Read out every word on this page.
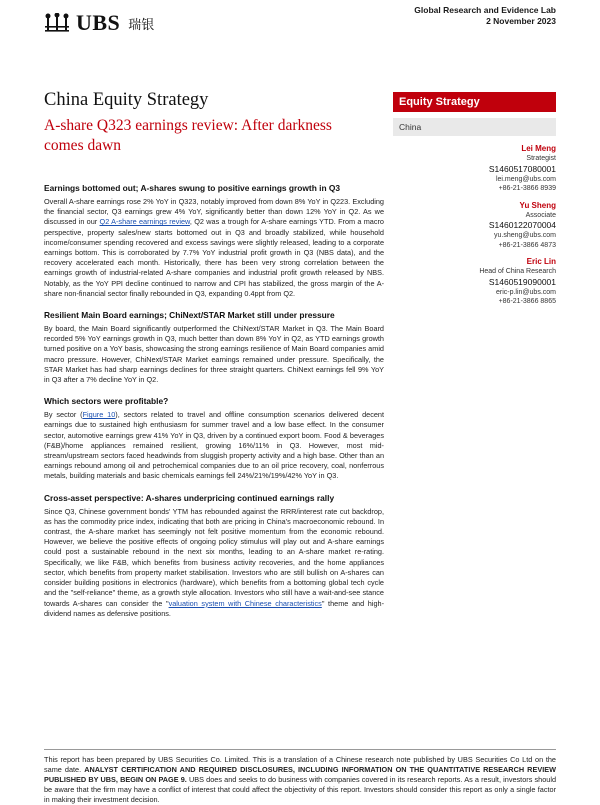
UBS 瑞银
Global Research and Evidence Lab
2 November 2023
China Equity Strategy
A-share Q323 earnings review: After darkness comes dawn
Equity Strategy
China
Lei Meng
Strategist
S1460517080001
lei.meng@ubs.com
+86-21-3866 8939
Yu Sheng
Associate
S1460122070004
yu.sheng@ubs.com
+86-21-3866 4873
Eric Lin
Head of China Research
S1460519090001
eric-p.lin@ubs.com
+86-21-3866 8865
Earnings bottomed out; A-shares swung to positive earnings growth in Q3

Overall A-share earnings rose 2% YoY in Q323, notably improved from down 8% YoY in Q223. Excluding the financial sector, Q3 earnings grew 4% YoY, significantly better than down 12% YoY in Q2. As we discussed in our Q2 A-share earnings review, Q2 was a trough for A-share earnings YTD. From a macro perspective, property sales/new starts bottomed out in Q3 and broadly stabilized, while household income/consumer spending recovered and excess savings were slightly released, leading to a corporate earnings bottom. This is corroborated by 7.7% YoY industrial profit growth in Q3 (NBS data), and the recovery accelerated each month. Historically, there has been very strong correlation between the earnings growth of industrial-related A-share companies and industrial profit growth released by NBS. Notably, as the YoY PPI decline continued to narrow and CPI has stabilized, the gross margin of the A-share non-financial sector finally rebounded in Q3, expanding 0.4ppt from Q2.

Resilient Main Board earnings; ChiNext/STAR Market still under pressure

By board, the Main Board significantly outperformed the ChiNext/STAR Market in Q3. The Main Board recorded 5% YoY earnings growth in Q3, much better than down 8% YoY in Q2, as YTD earnings growth turned positive on a YoY basis, showcasing the strong earnings resilience of Main Board companies amid macro pressure. However, ChiNext/STAR Market earnings remained under pressure. Specifically, the STAR Market has had sharp earnings declines for three straight quarters. ChiNext earnings fell 9% YoY in Q3 after a 7% decline YoY in Q2.

Which sectors were profitable?

By sector (Figure 10), sectors related to travel and offline consumption scenarios delivered decent earnings due to sustained high enthusiasm for summer travel and a low base effect. In the consumer sector, automotive earnings grew 41% YoY in Q3, driven by a continued export boom. Food & beverages (F&B)/home appliances remained resilient, growing 16%/11% in Q3. However, most mid-stream/upstream sectors faced headwinds from sluggish property activity and a high base. Other than an earnings rebound among oil and petrochemical companies due to an oil price recovery, coal, nonferrous metals, building materials and basic chemicals earnings fell 24%/21%/19%/42% YoY in Q3.

Cross-asset perspective: A-shares underpricing continued earnings rally

Since Q3, Chinese government bonds' YTM has rebounded against the RRR/interest rate cut backdrop, as has the commodity price index, indicating that both are pricing in China's macroeconomic rebound. In contrast, the A-share market has seemingly not felt positive momentum from the economic rebound. However, we believe the positive effects of ongoing policy stimulus will play out and A-share earnings could post a sustainable rebound in the next six months, leading to an A-share market re-rating. Specifically, we like F&B, which benefits from business activity recoveries, and the home appliances sector, which benefits from property market stabilisation. Investors who are still bullish on A-shares can consider building positions in electronics (hardware), which benefits from a bottoming global tech cycle and the "self-reliance" theme, as a growth style allocation. Investors who still have a wait-and-see stance towards A-shares can consider the "valuation system with Chinese characteristics" theme and high-dividend names as defensive positions.

This report has been prepared by UBS Securities Co. Limited. This is a translation of a Chinese research note published by UBS Securities Co Ltd on the same date. ANALYST CERTIFICATION AND REQUIRED DISCLOSURES, INCLUDING INFORMATION ON THE QUANTITATIVE RESEARCH REVIEW PUBLISHED BY UBS, BEGIN ON PAGE 9. UBS does and seeks to do business with companies covered in its research reports. As a result, investors should be aware that the firm may have a conflict of interest that could affect the objectivity of this report. Investors should consider this report as only a single factor in making their investment decision.
